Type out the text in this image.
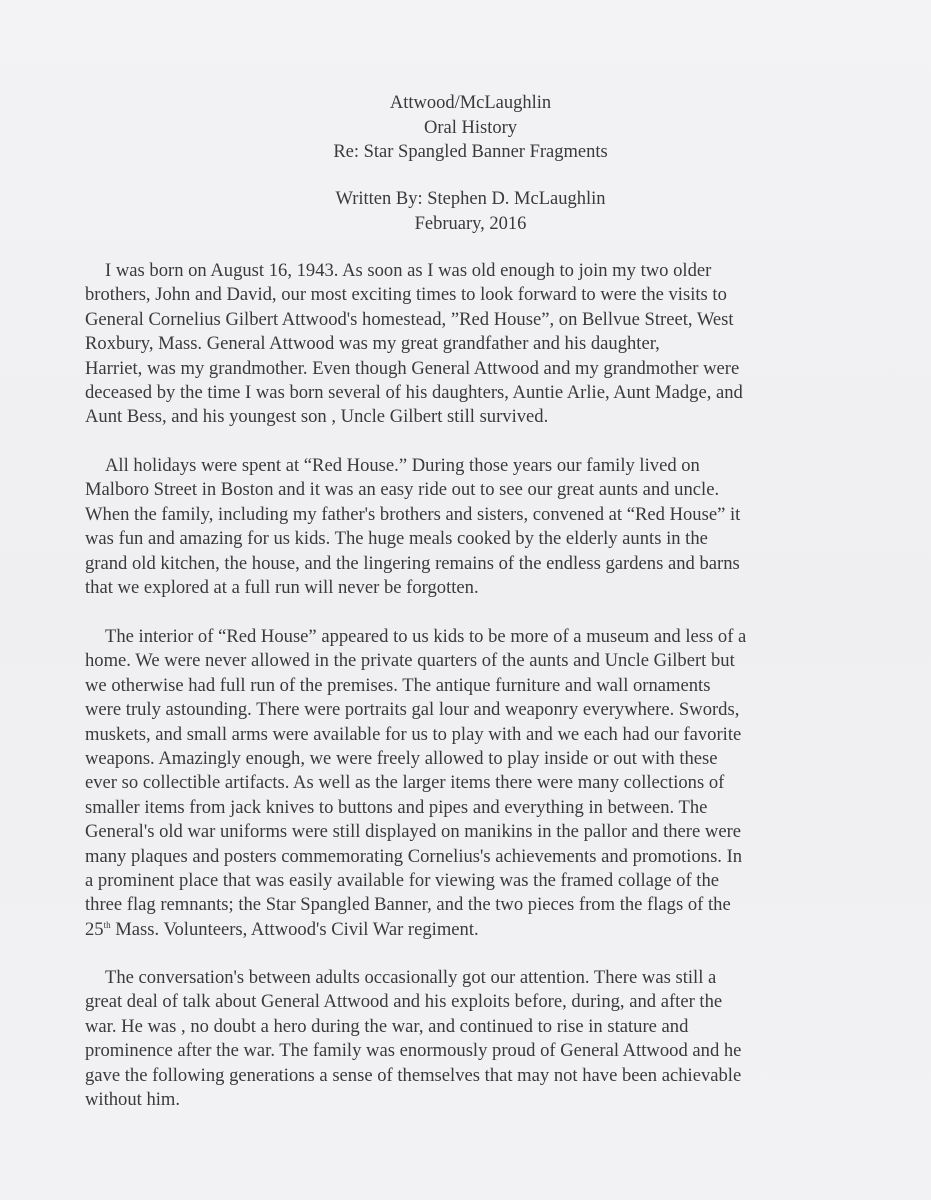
Attwood/McLaughlin
Oral History
Re: Star Spangled Banner Fragments
Written By: Stephen D. McLaughlin
February, 2016
I was born on August 16, 1943. As soon as I was old enough to join my two older
brothers, John and David, our most exciting times to look forward to were the visits to
General Cornelius Gilbert Attwood's homestead, ”Red House”, on Bellvue Street, West
Roxbury, Mass. General Attwood was my great grandfather and his daughter,
Harriet, was my grandmother. Even though General Attwood and my grandmother were
deceased by the time I was born several of his daughters, Auntie Arlie, Aunt Madge, and
Aunt Bess, and his youngest son , Uncle Gilbert still survived.
All holidays were spent at “Red House.” During those years our family lived on
Malboro Street in Boston and it was an easy ride out to see our great aunts and uncle.
When the family, including my father's brothers and sisters, convened at “Red House” it
was fun and amazing for us kids. The huge meals cooked by the elderly aunts in the
grand old kitchen, the house, and the lingering remains of the endless gardens and barns
that we explored at a full run will never be forgotten.
The interior of “Red House” appeared to us kids to be more of a museum and less of a
home. We were never allowed in the private quarters of the aunts and Uncle Gilbert but
we otherwise had full run of the premises. The antique furniture and wall ornaments
were truly astounding. There were portraits gal lour and weaponry everywhere. Swords,
muskets, and small arms were available for us to play with and we each had our favorite
weapons. Amazingly enough, we were freely allowed to play inside or out with these
ever so collectible artifacts. As well as the larger items there were many collections of
smaller items from jack knives to buttons and pipes and everything in between. The
General's old war uniforms were still displayed on manikins in the pallor and there were
many plaques and posters commemorating Cornelius's achievements and promotions. In
a prominent place that was easily available for viewing was the framed collage of the
three flag remnants; the Star Spangled Banner, and the two pieces from the flags of the
25th Mass. Volunteers, Attwood's Civil War regiment.
The conversation's between adults occasionally got our attention. There was still a
great deal of talk about General Attwood and his exploits before, during, and after the
war. He was , no doubt a hero during the war, and continued to rise in stature and
prominence after the war. The family was enormously proud of General Attwood and he
gave the following generations a sense of themselves that may not have been achievable
without him.
